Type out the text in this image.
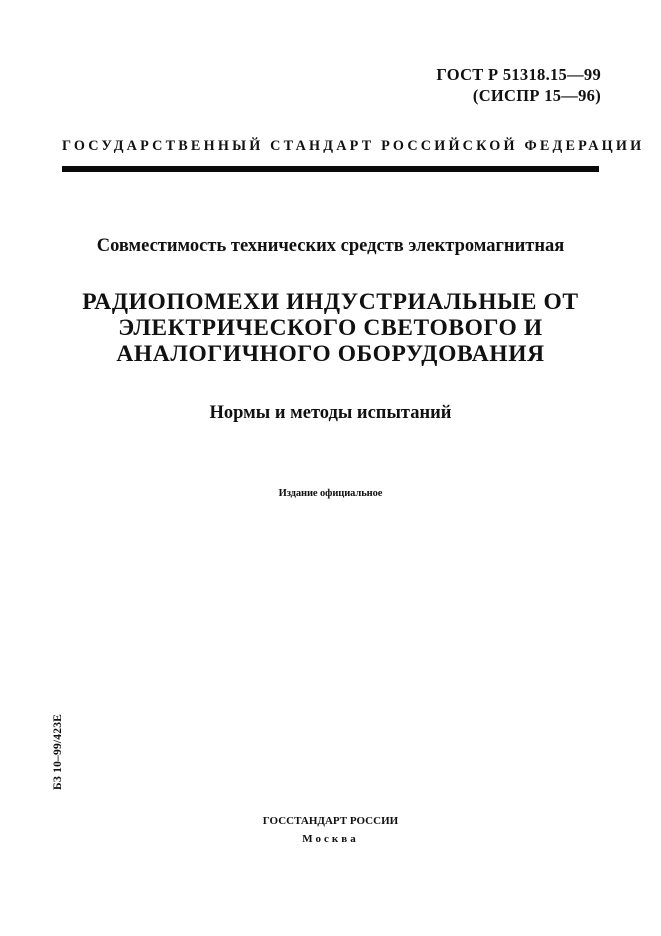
ГОСТ Р 51318.15—99
(СИСПР 15—96)
ГОСУДАРСТВЕННЫЙ СТАНДАРТ РОССИЙСКОЙ ФЕДЕРАЦИИ
Совместимость технических средств электромагнитная
РАДИОПОМЕХИ ИНДУСТРИАЛЬНЫЕ ОТ
ЭЛЕКТРИЧЕСКОГО СВЕТОВОГО И
АНАЛОГИЧНОГО ОБОРУДОВАНИЯ
Нормы и методы испытаний
Издание официальное
БЗ 10–99/423Е
ГОССТАНДАРТ РОССИИ
Москва
